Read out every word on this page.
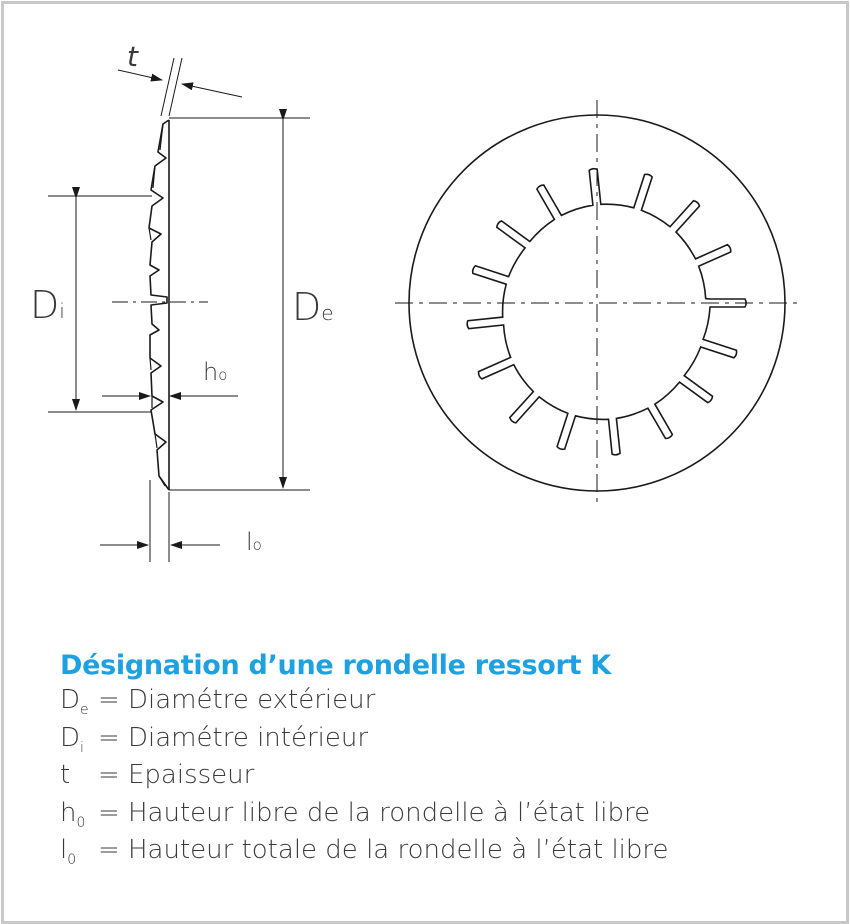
t
Di	De
ho
lo
Désignation d’une rondelle ressort K
$D_e$ = Diamétre extérieur
$D_i$ = Diamétre intérieur
t	= Epaisseur
$h_0$ = Hauteur libre de la rondelle à l’état libre
$l_0$ = Hauteur totale de la rondelle à l’état libre
